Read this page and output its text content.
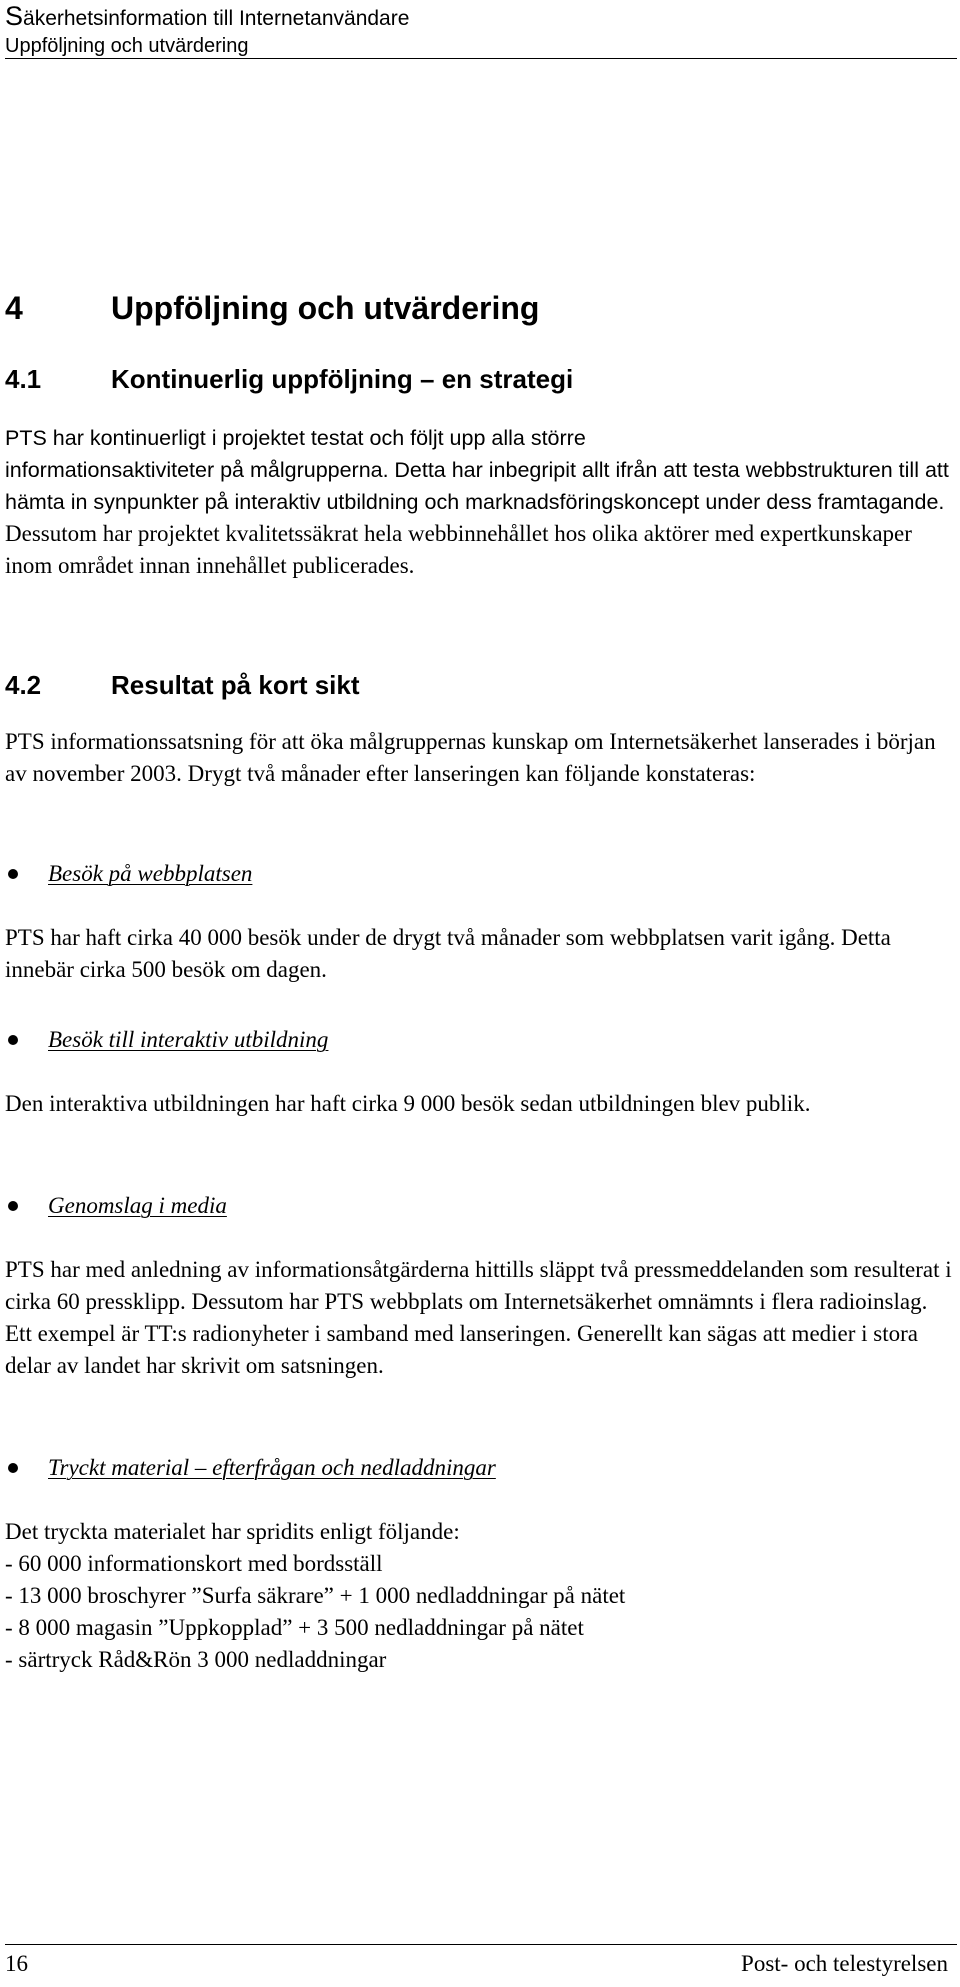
Säkerhetsinformation till Internetanvändare
Uppföljning och utvärdering
4	Uppföljning och utvärdering
4.1	Kontinuerlig uppföljning – en strategi

PTS har kontinuerligt i projektet testat och följt upp alla större

informationsaktiviteter på målgrupperna. Detta har inbegripit allt ifrån att testa webbstrukturen till att hämta in synpunkter på interaktiv utbildning och marknadsföringskoncept under dess framtagande. Dessutom har projektet kvalitetssäkrat hela webbinnehållet hos olika aktörer med expertkunskaper inom området innan innehållet publicerades.

4.2	Resultat på kort sikt
PTS informationssatsning för att öka målgruppernas kunskap om Internetsäkerhet lanserades i början av november 2003. Drygt två månader efter lanseringen kan följande konstateras:
Besök på webbplatsen
PTS har haft cirka 40 000 besök under de drygt två månader som webbplatsen varit igång. Detta innebär cirka 500 besök om dagen.
Besök till interaktiv utbildning
Den interaktiva utbildningen har haft cirka 9 000 besök sedan utbildningen blev publik.
Genomslag i media
PTS har med anledning av informationsåtgärderna hittills släppt två pressmeddelanden som resulterat i cirka 60 pressklipp. Dessutom har PTS webbplats om Internetsäkerhet omnämnts i flera radioinslag. Ett exempel är TT:s radionyheter i samband med lanseringen. Generellt kan sägas att medier i stora delar av landet har skrivit om satsningen.
Tryckt material – efterfrågan och nedladdningar
Det tryckta materialet har spridits enligt följande:
- 60 000 informationskort med bordsställ
- 13 000 broschyrer ”Surfa säkrare” + 1 000 nedladdningar på nätet
- 8 000 magasin ”Uppkopplad” + 3 500 nedladdningar på nätet
- särtryck Råd&Rön 3 000 nedladdningar
16	Post- och telestyrelsen
